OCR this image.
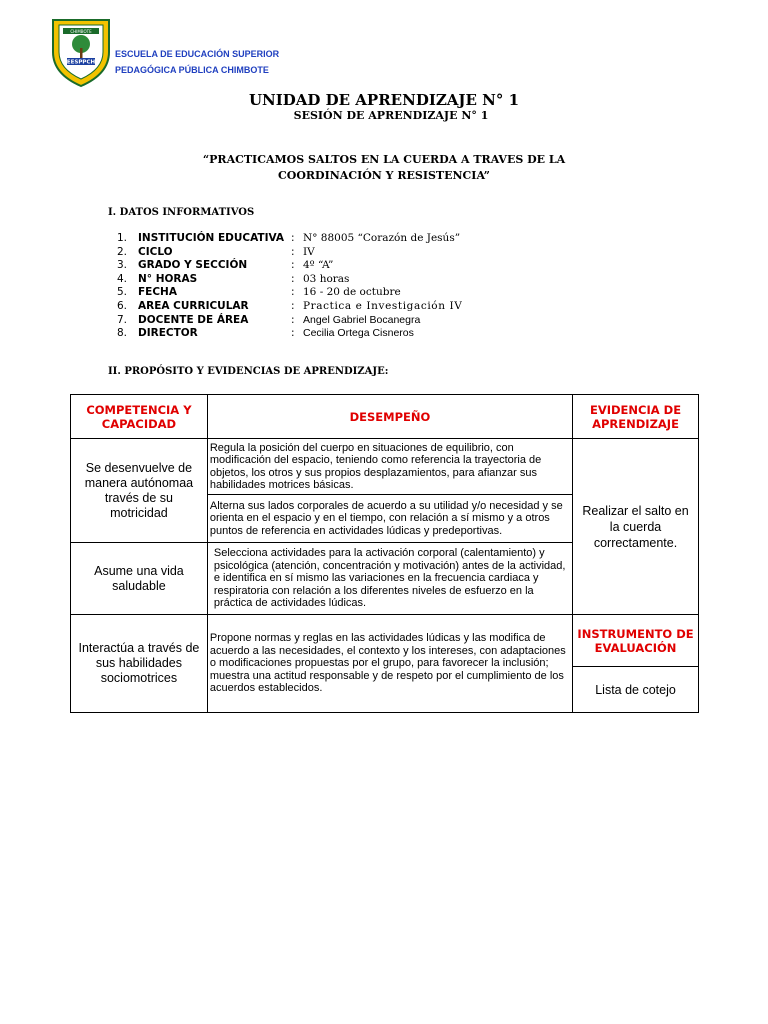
EESPPCH
CHIMBOTE
ESCUELA DE EDUCACIÓN SUPERIOR
PEDAGÓGICA PÚBLICA CHIMBOTE
UNIDAD DE APRENDIZAJE N° 1
SESIÓN DE APRENDIZAJE N° 1
“PRACTICAMOS SALTOS EN LA CUERDA A TRAVES DE LA
COORDINACIÓN Y RESISTENCIA”
I. DATOS INFORMATIVOS
1.	INSTITUCIÓN EDUCATIVA : N° 88005 “Corazón de Jesús”
2.	CICLO	: IV
3.	GRADO Y SECCIÓN	: 4º “A”
4.	N° HORAS	: 03 horas
5.	FECHA	: 16 - 20 de octubre
6.	AREA CURRICULAR	: Practica e Investigación IV
7.	DOCENTE DE ÁREA	: Angel Gabriel Bocanegra
8.	DIRECTOR	: Cecilia Ortega Cisneros
II. PROPÓSITO Y EVIDENCIAS DE APRENDIZAJE:
COMPETENCIA Y CAPACIDAD	DESEMPEÑO	EVIDENCIA DE APRENDIZAJE
Se desenvuelve de manera autónomaa través de su motricidad	Regula la posición del cuerpo en situaciones de equilibrio, con modificación del espacio, teniendo como referencia la trayectoria de objetos, los otros y sus propios desplazamientos, para afianzar sus habilidades motrices básicas.	Realizar el salto en la cuerda correctamente.
	Alterna sus lados corporales de acuerdo a su utilidad y/o necesidad y se orienta en el espacio y en el tiempo, con relación a sí mismo y a otros puntos de referencia en actividades lúdicas y predeportivas.	
Asume una vida saludable	Selecciona actividades para la activación corporal (calentamiento) y psicológica (atención, concentración y motivación) antes de la actividad, e identifica en sí mismo las variaciones en la frecuencia cardiaca y respiratoria con relación a los diferentes niveles de esfuerzo en la práctica de actividades lúdicas.	
Interactúa a través de sus habilidades sociomotrices	Propone normas y reglas en las actividades lúdicas y las modifica de acuerdo a las necesidades, el contexto y los intereses, con adaptaciones o modificaciones propuestas por el grupo, para favorecer la inclusión; muestra una actitud responsable y de respeto por el cumplimiento de los acuerdos establecidos.	INSTRUMENTO DE EVALUACIÓN
		Lista de cotejo
